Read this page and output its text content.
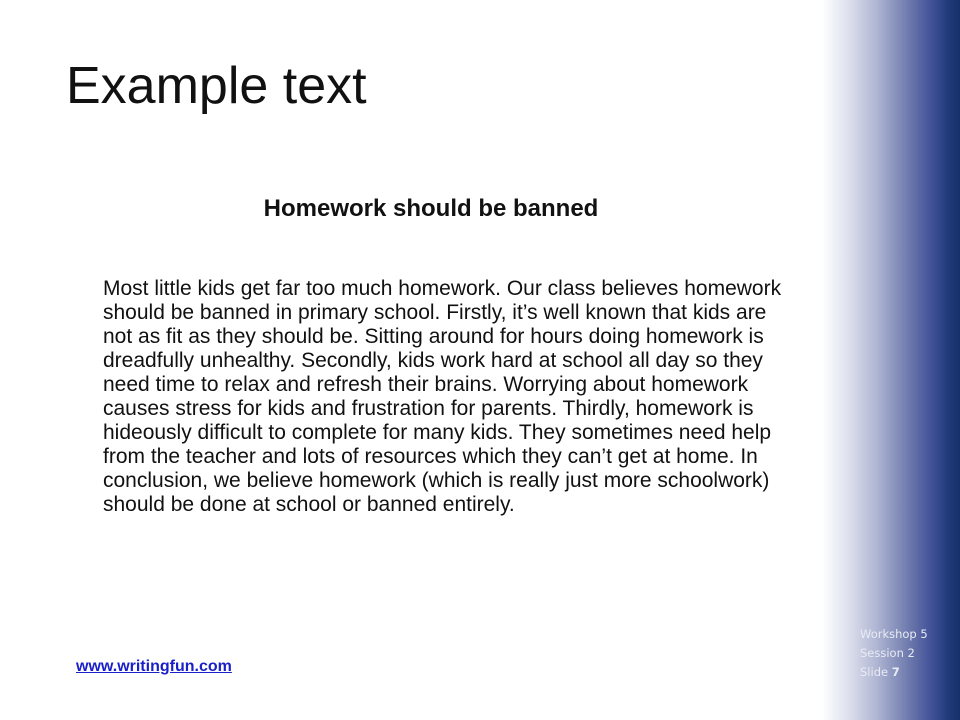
Example text
Homework should be banned

Most little kids get far too much homework. Our class believes homework should be banned in primary school. Firstly, it’s well known that kids are not as fit as they should be. Sitting around for hours doing homework is dreadfully unhealthy. Secondly, kids work hard at school all day so they need time to relax and refresh their brains. Worrying about homework causes stress for kids and frustration for parents. Thirdly, homework is hideously difficult to complete for many kids. They sometimes need help from the teacher and lots of resources which they can’t get at home. In conclusion, we believe homework (which is really just more schoolwork) should be done at school or banned entirely.

www.writingfun.com
Workshop 5
Session 2
Slide 7
